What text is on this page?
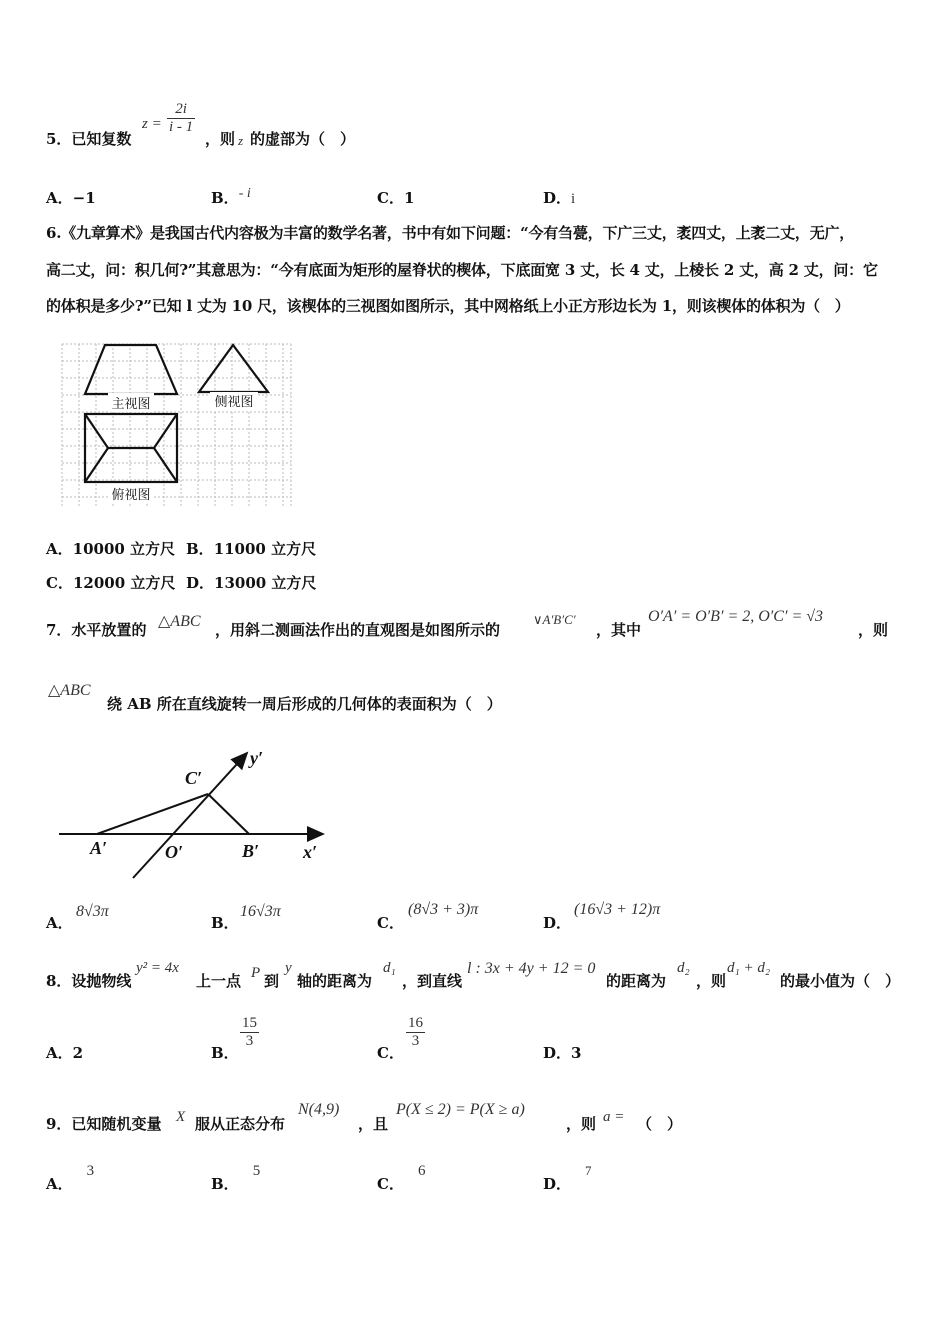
5．已知复数
$z = \frac{2i}{i - 1}$
，则 z 的虚部为（　）
A．−1	B．- i	C．1	D．i
6.《九章算术》是我国古代内容极为丰富的数学名著，书中有如下问题：“今有刍甍，下广三丈，袤四丈，上袤二丈，无广，
高二丈，问：积几何?”其意思为：“今有底面为矩形的屋脊状的楔体，下底面宽 3 丈，长 4 丈，上棱长 2 丈，高 2 丈，问：它
的体积是多少?”已知 l 丈为 10 尺，该楔体的三视图如图所示，其中网格纸上小正方形边长为 1，则该楔体的体积为（　）
主视图	侧视图
俯视图
A．10000 立方尺 B．11000 立方尺
C．12000 立方尺 D．13000 立方尺
7．水平放置的 △ABC ，用斜二测画法作出的直观图是如图所示的
∨A′B′C′
，其中
O′A′ = O′B′ = 2, O′C′ = √3
，则
△ABC
绕 AB 所在直线旋转一周后形成的几何体的表面积为（　）
C′
y′
A′	O′	B′ x′
A．
8√3π
B．
16√3π
C．
(8√3 + 3)π
D．
(16√3 + 12)π
8．设抛物线
y² = 4x
上一点 P 到
y
轴的距离为
d₁
，到直线
l : 3x + 4y + 12 = 0
的距离为
d₂
，则
d₁ + d₂
的最小值为（　）
A．2	B．
$\frac{15}{3}$
C．
$\frac{16}{3}$
D．3
9．已知随机变量 X 服从正态分布
N(4,9)
，且
P(X ≤ 2) = P(X ≥ a)
，则 a = （　）
A．3
B．5
C．6
D．7
